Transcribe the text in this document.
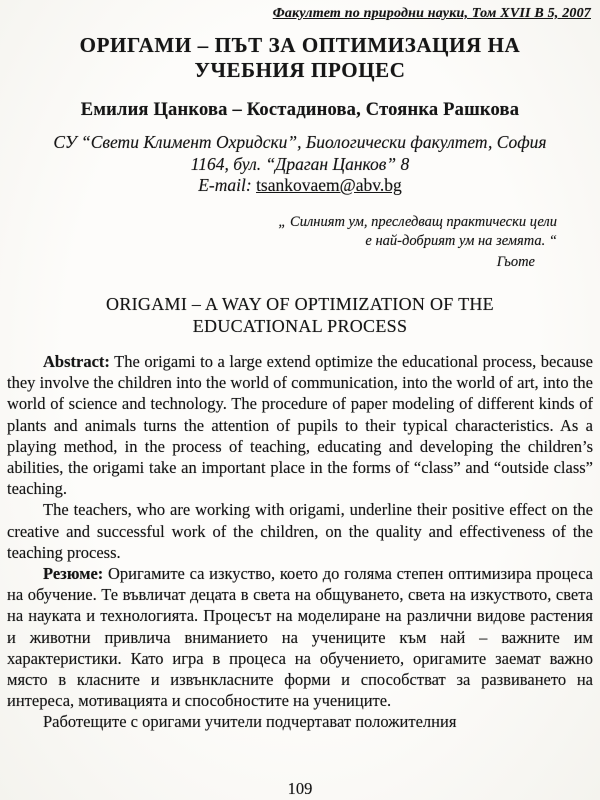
Факултет по природни науки, Том XVII В 5, 2007
ОРИГАМИ – ПЪТ ЗА ОПТИМИЗАЦИЯ НА УЧЕБНИЯ ПРОЦЕС
Емилия Цанкова – Костадинова, Стоянка Рашкова
СУ “Свети Климент Охридски”, Биологически факултет, София
1164, бул. “Драган Цанков” 8
E-mail: tsankovaem@abv.bg
„ Силният ум, преследващ практически цели
е най-добрият ум на земята. “
Гьоте
ORIGAMI – A WAY OF OPTIMIZATION OF THE EDUCATIONAL PROCESS

Abstract: The origami to a large extend optimize the educational process, because they involve the children into the world of communication, into the world of art, into the world of science and technology. The procedure of paper modeling of different kinds of plants and animals turns the attention of pupils to their typical characteristics. As a playing method, in the process of teaching, educating and developing the children’s abilities, the origami take an important place in the forms of “class” and “outside class” teaching.

The teachers, who are working with origami, underline their positive effect on the creative and successful work of the children, on the quality and effectiveness of the teaching process.

Резюме: Оригамите са изкуство, което до голяма степен оптимизира процеса на обучение. Те въвличат децата в света на общуването, света на изкуството, света на науката и технологията. Процесът на моделиране на различни видове растения и животни привлича вниманието на учениците към най – важните им характеристики. Като игра в процеса на обучението, оригамите заемат важно място в класните и извънкласните форми и способстват за развиването на интереса, мотивацията и способностите на учениците.

Работещите с оригами учители подчертават положителния

109
